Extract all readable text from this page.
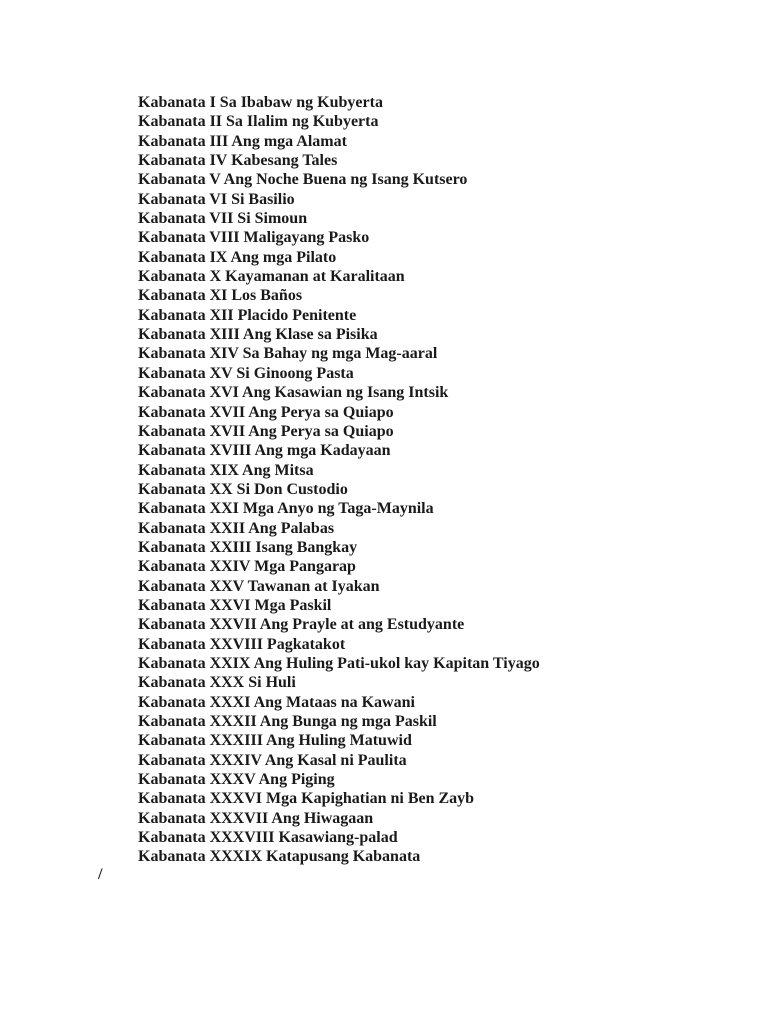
Kabanata I Sa Ibabaw ng Kubyerta
Kabanata II Sa Ilalim ng Kubyerta
Kabanata III Ang mga Alamat
Kabanata IV Kabesang Tales
Kabanata V Ang Noche Buena ng Isang Kutsero
Kabanata VI Si Basilio
Kabanata VII Si Simoun
Kabanata VIII Maligayang Pasko
Kabanata IX Ang mga Pilato
Kabanata X Kayamanan at Karalitaan
Kabanata XI Los Baños
Kabanata XII Placido Penitente
Kabanata XIII Ang Klase sa Pisika
Kabanata XIV Sa Bahay ng mga Mag-aaral
Kabanata XV Si Ginoong Pasta
Kabanata XVI Ang Kasawian ng Isang Intsik
Kabanata XVII Ang Perya sa Quiapo
Kabanata XVII Ang Perya sa Quiapo
Kabanata XVIII Ang mga Kadayaan
Kabanata XIX Ang Mitsa
Kabanata XX Si Don Custodio
Kabanata XXI Mga Anyo ng Taga-Maynila
Kabanata XXII Ang Palabas
Kabanata XXIII Isang Bangkay
Kabanata XXIV Mga Pangarap
Kabanata XXV Tawanan at Iyakan
Kabanata XXVI Mga Paskil
Kabanata XXVII Ang Prayle at ang Estudyante
Kabanata XXVIII Pagkatakot
Kabanata XXIX Ang Huling Pati-ukol kay Kapitan Tiyago
Kabanata XXX Si Huli
Kabanata XXXI Ang Mataas na Kawani
Kabanata XXXII Ang Bunga ng mga Paskil
Kabanata XXXIII Ang Huling Matuwid
Kabanata XXXIV Ang Kasal ni Paulita
Kabanata XXXV Ang Piging
Kabanata XXXVI Mga Kapighatian ni Ben Zayb
Kabanata XXXVII Ang Hiwagaan
Kabanata XXXVIII Kasawiang-palad
Kabanata XXXIX Katapusang Kabanata
/
